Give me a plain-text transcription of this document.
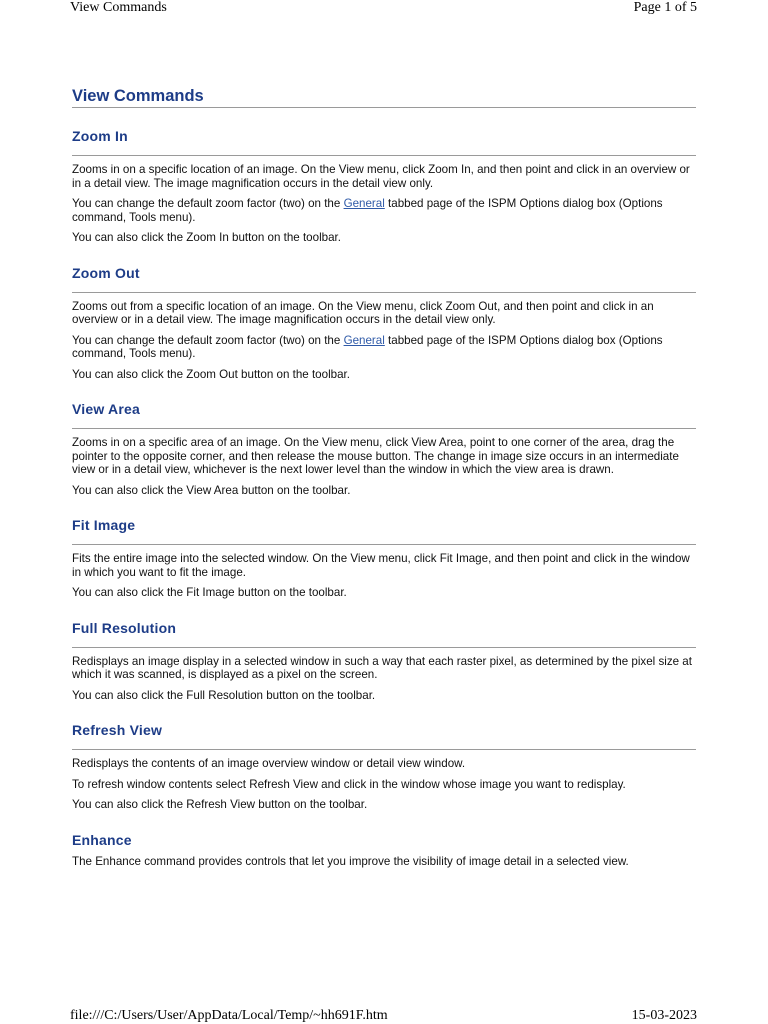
View Commands	Page 1 of 5
View Commands
Zoom In

Zooms in on a specific location of an image. On the View menu, click Zoom In, and then point and click in an overview or in a detail view. The image magnification occurs in the detail view only.

You can change the default zoom factor (two) on the General tabbed page of the ISPM Options dialog box (Options command, Tools menu).

You can also click the Zoom In button on the toolbar.

Zoom Out

Zooms out from a specific location of an image. On the View menu, click Zoom Out, and then point and click in an overview or in a detail view. The image magnification occurs in the detail view only.

You can change the default zoom factor (two) on the General tabbed page of the ISPM Options dialog box (Options command, Tools menu).

You can also click the Zoom Out button on the toolbar.

View Area

Zooms in on a specific area of an image. On the View menu, click View Area, point to one corner of the area, drag the pointer to the opposite corner, and then release the mouse button. The change in image size occurs in an intermediate view or in a detail view, whichever is the next lower level than the window in which the view area is drawn.

You can also click the View Area button on the toolbar.

Fit Image

Fits the entire image into the selected window. On the View menu, click Fit Image, and then point and click in the window in which you want to fit the image.

You can also click the Fit Image button on the toolbar.

Full Resolution

Redisplays an image display in a selected window in such a way that each raster pixel, as determined by the pixel size at which it was scanned, is displayed as a pixel on the screen.

You can also click the Full Resolution button on the toolbar.

Refresh View

Redisplays the contents of an image overview window or detail view window.

To refresh window contents select Refresh View and click in the window whose image you want to redisplay.

You can also click the Refresh View button on the toolbar.

Enhance

The Enhance command provides controls that let you improve the visibility of image detail in a selected view.

file:///C:/Users/User/AppData/Local/Temp/~hh691F.htm	15-03-2023
